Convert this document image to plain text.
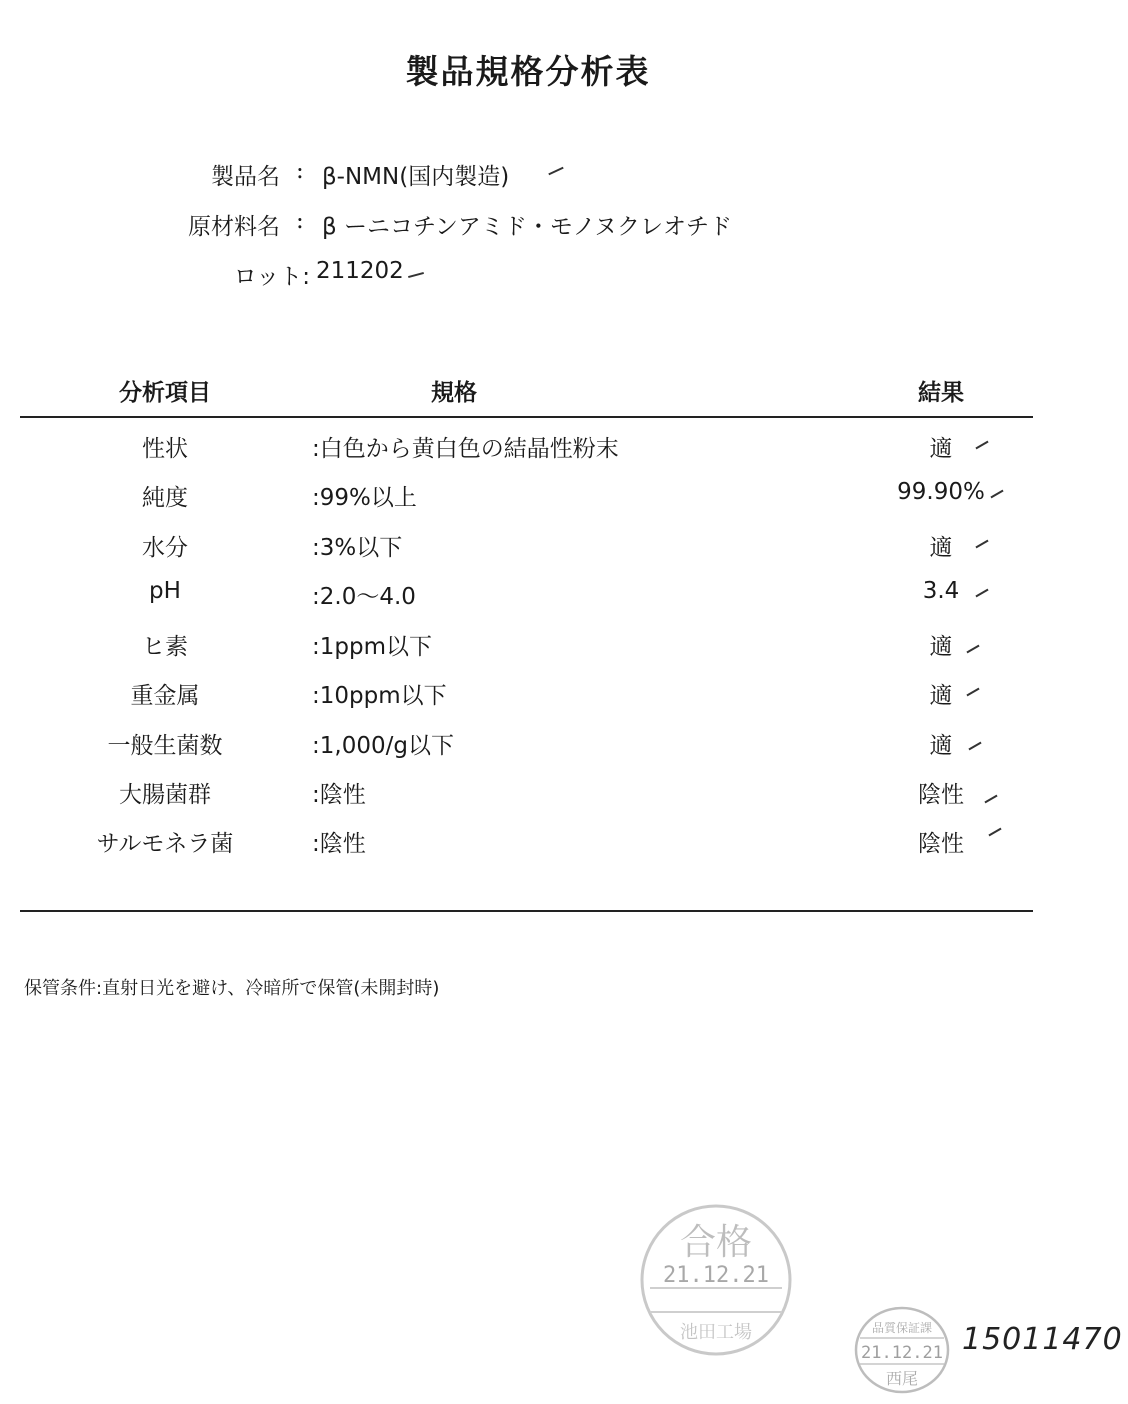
製品規格分析表
製品名 : β-NMN(国内製造)
原材料名 : β ーニコチンアミド・モノヌクレオチド
ロット: 211202
分析項目	規格	結果
性状	:白色から黄白色の結晶性粉末	適
純度	:99%以上	99.90%
水分	:3%以下	適
pH	:2.0～4.0	3.4
ヒ素	:1ppm以下	適
重金属	:10ppm以下	適
一般生菌数	:1,000/g以下	適
大腸菌群	:陰性	陰性
サルモネラ菌	:陰性	陰性
保管条件:直射日光を避け、冷暗所で保管(未開封時)
合格
21.12.21
池田工場	品質保証課
21.12.21
西尾
15011470
